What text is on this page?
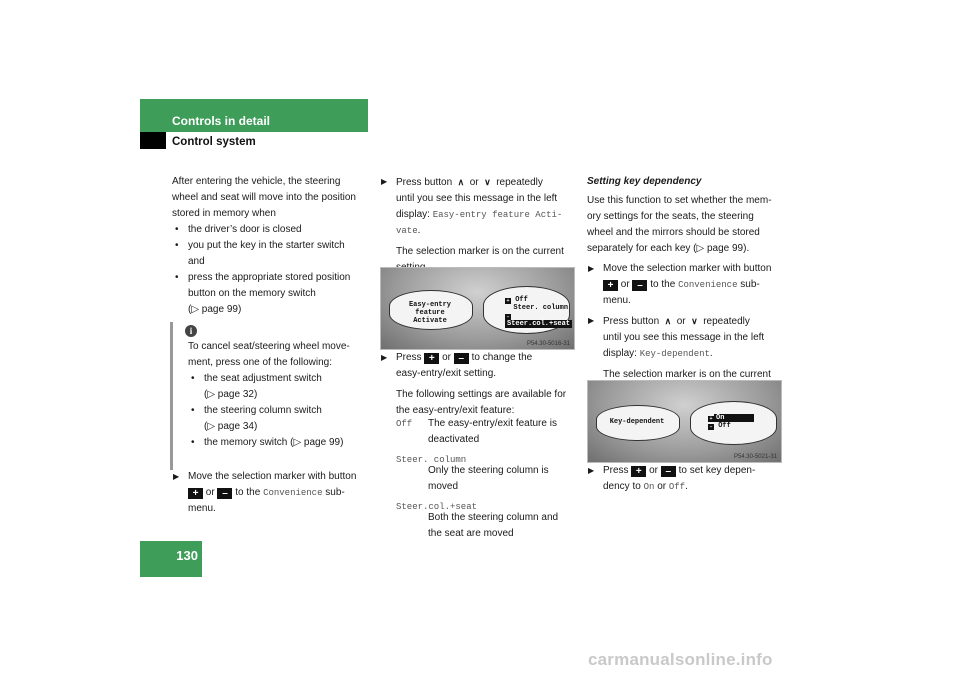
Controls in detail
Control system
After entering the vehicle, the steering
wheel and seat will move into the position
stored in memory when
• the driver’s door is closed
• you put the key in the starter switch
and
• press the appropriate stored position
button on the memory switch
(▷ page 99)
i
To cancel seat/steering wheel move-
ment, press one of the following:
• the seat adjustment switch
(▷ page 32)
• the steering column switch
(▷ page 34)
• the memory switch (▷ page 99)
▶ Move the selection marker with button
+ or – to the Convenience sub-
menu.
▶ Press button ∧ or ∨ repeatedly
until you see this message in the left
display: Easy-entry feature Acti-
vate.
The selection marker is on the current
Easy-entry feature
Activate
+ Off
Steer. column
–Steer.col.+seat
P54.30-5016-31
▶ Press + or – to change the
easy-entry/exit setting.
The following settings are available for
the easy-entry/exit feature:
Off The easy-entry/exit feature is
deactivated
Steer. column
Only the steering column is
moved
Steer.col.+seat
Both the steering column and
the seat are moved
Setting key dependency
Use this function to set whether the mem-
ory settings for the seats, the steering
wheel and the mirrors should be stored
separately for each key (▷ page 99).
▶ Move the selection marker with button
+ or – to the Convenience sub-
menu.
▶ Press button ∧ or ∨ repeatedly
until you see this message in the left
display: Key-dependent.
The selection marker is on the current
Key-dependent	+ On
– Off
P54.30-5021-31
▶ Press + or – to set key depen-
dency to On or Off.
130
carmanualsonline.info
